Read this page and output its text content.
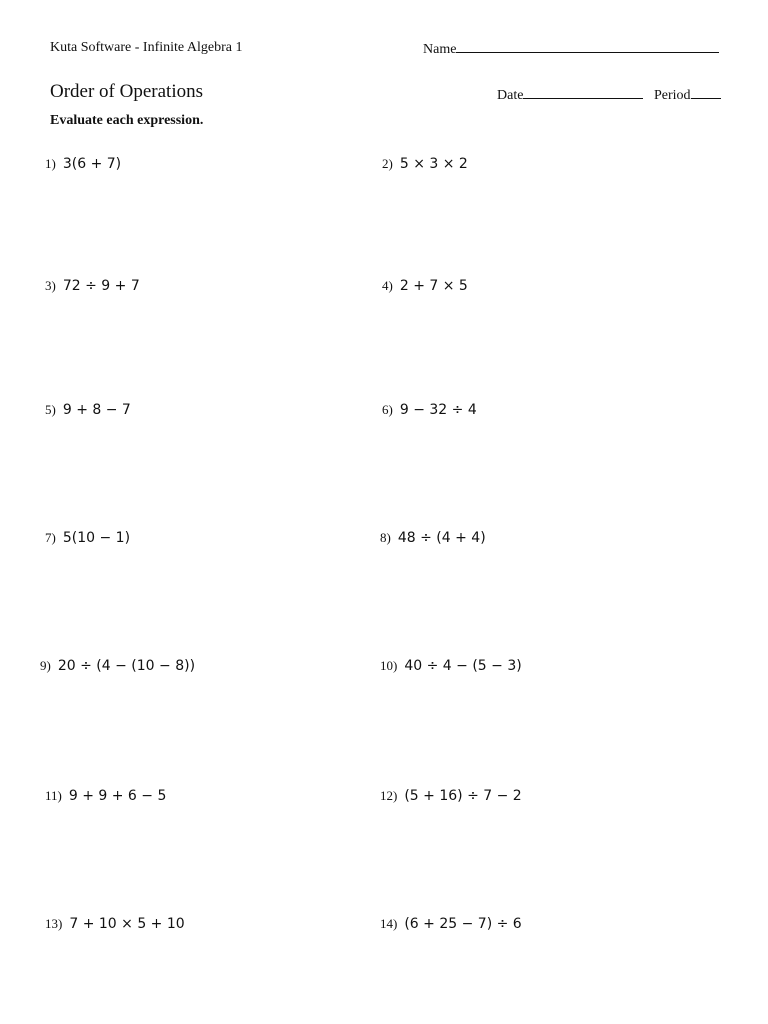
Kuta Software - Infinite Algebra 1	Name
Order of Operations	Date	Period
Evaluate each expression.
1) 3(6 + 7)	2) 5 × 3 × 2
3) 72 ÷ 9 + 7	4) 2 + 7 × 5
5) 9 + 8 − 7	6) 9 − 32 ÷ 4
7) 5(10 − 1)	8) 48 ÷ (4 + 4)
9) 20 ÷ (4 − (10 − 8))	10) 40 ÷ 4 − (5 − 3)
11) 9 + 9 + 6 − 5	12) (5 + 16) ÷ 7 − 2
13) 7 + 10 × 5 + 10	14) (6 + 25 − 7) ÷ 6
